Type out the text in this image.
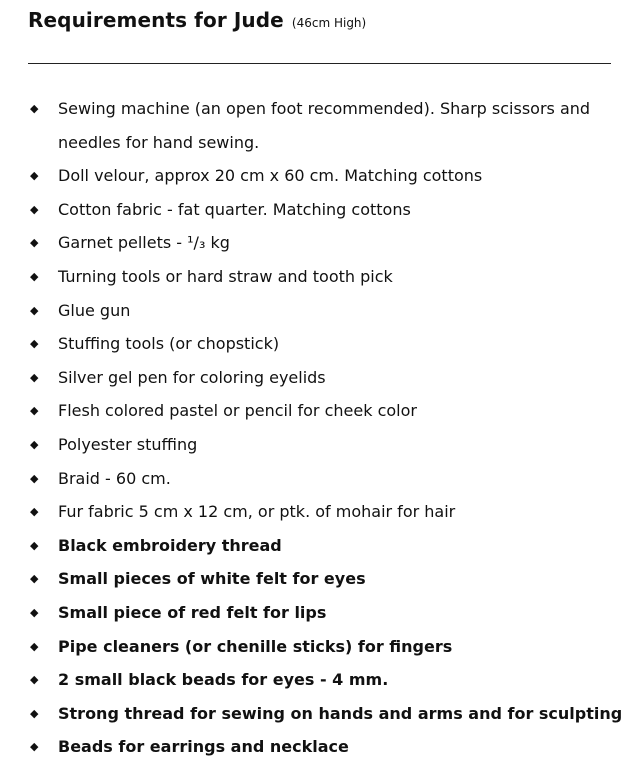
Requirements for Jude (46cm High)
◆ Sewing machine (an open foot recommended). Sharp scissors and needles for hand sewing.
◆ Doll velour, approx 20 cm x 60 cm. Matching cottons
◆ Cotton fabric - fat quarter. Matching cottons
◆ Garnet pellets - ¹/₃ kg
◆ Turning tools or hard straw and tooth pick
◆ Glue gun
◆ Stuffing tools (or chopstick)
◆ Silver gel pen for coloring eyelids
◆ Flesh colored pastel or pencil for cheek color
◆ Polyester stuffing
◆ Braid - 60 cm.
◆ Fur fabric 5 cm x 12 cm, or ptk. of mohair for hair
◆ Black embroidery thread
◆ Small pieces of white felt for eyes
◆ Small piece of red felt for lips
◆ Pipe cleaners (or chenille sticks) for fingers
◆ 2 small black beads for eyes - 4 mm.
◆ Strong thread for sewing on hands and arms and for sculpting
◆ Beads for earrings and necklace
